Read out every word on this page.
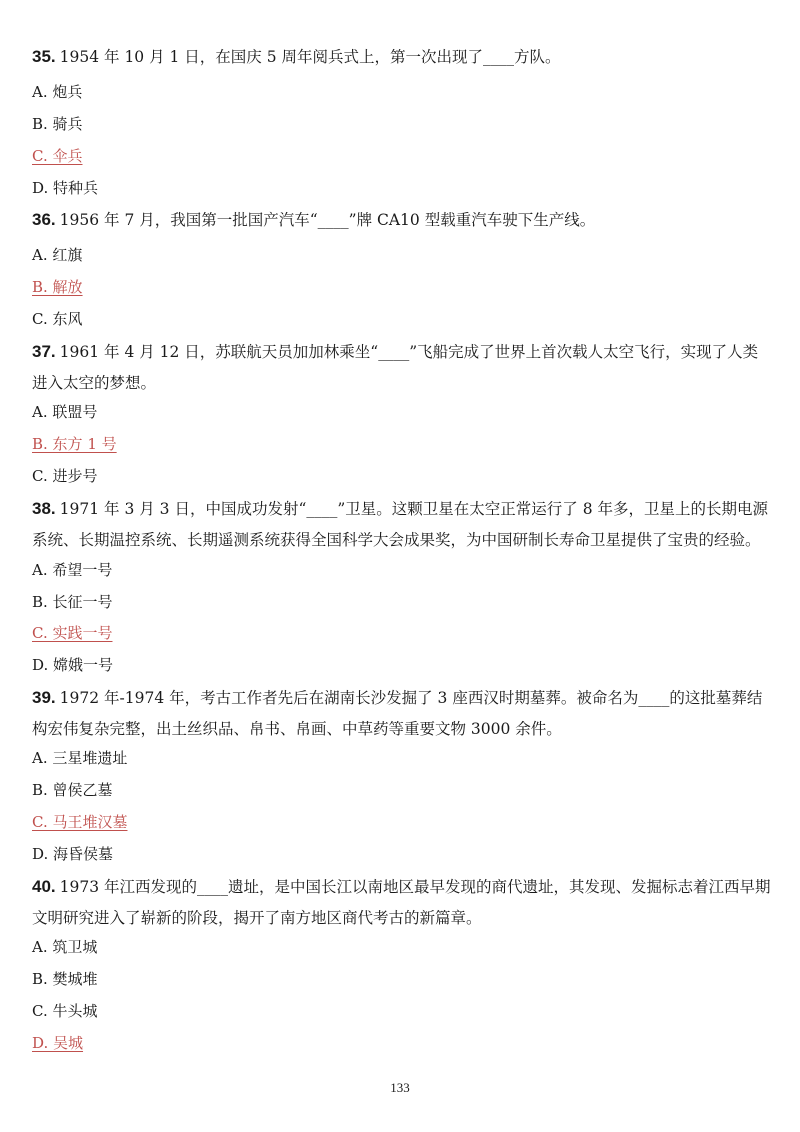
35. 1954 年 10 月 1 日，在国庆 5 周年阅兵式上，第一次出现了____方队。
A. 炮兵
B. 骑兵
C. 伞兵
D. 特种兵
36. 1956 年 7 月，我国第一批国产汽车“____”牌 CA10 型载重汽车驶下生产线。
A. 红旗
B. 解放
C. 东风
37. 1961 年 4 月 12 日，苏联航天员加加林乘坐“____”飞船完成了世界上首次载人太空飞行，实现了人类进入太空的梦想。
A. 联盟号
B. 东方 1 号
C. 进步号
38. 1971 年 3 月 3 日，中国成功发射“____”卫星。这颗卫星在太空正常运行了 8 年多，卫星上的长期电源系统、长期温控系统、长期遥测系统获得全国科学大会成果奖，为中国研制长寿命卫星提供了宝贵的经验。
A. 希望一号
B. 长征一号
C. 实践一号
D. 嫦娥一号
39. 1972 年-1974 年，考古工作者先后在湖南长沙发掘了 3 座西汉时期墓葬。被命名为____的这批墓葬结构宏伟复杂完整，出土丝织品、帛书、帛画、中草药等重要文物 3000 余件。
A. 三星堆遗址
B. 曾侯乙墓
C. 马王堆汉墓
D. 海昏侯墓
40. 1973 年江西发现的____遗址，是中国长江以南地区最早发现的商代遗址，其发现、发掘标志着江西早期文明研究进入了崭新的阶段，揭开了南方地区商代考古的新篇章。
A. 筑卫城
B. 樊城堆
C. 牛头城
D. 吴城
133
